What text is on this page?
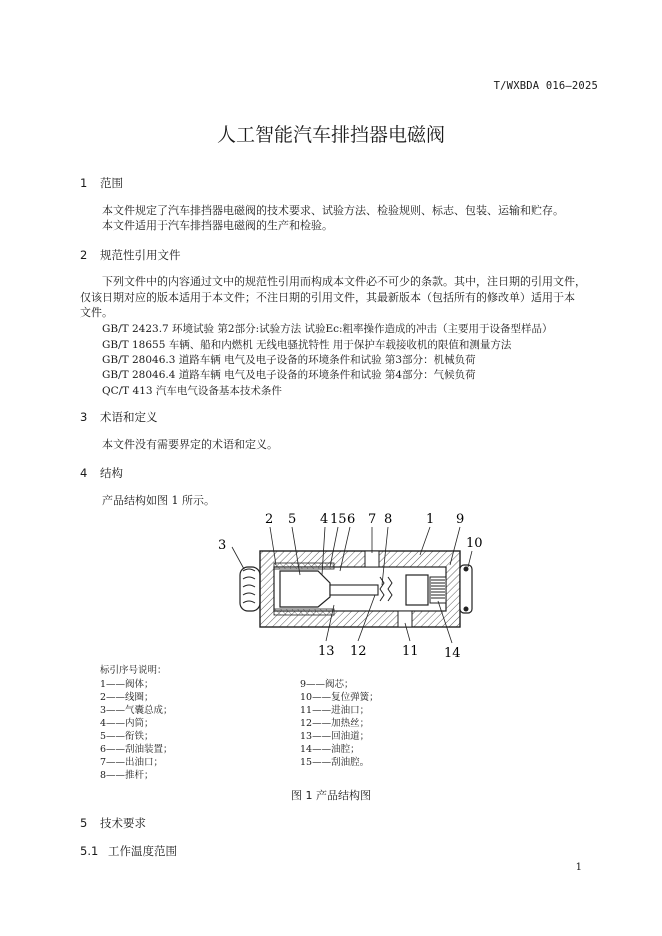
T/WXBDA 016—2025
人工智能汽车排挡器电磁阀
1 范围
本文件规定了汽车排挡器电磁阀的技术要求、试验方法、检验规则、标志、包装、运输和贮存。
本文件适用于汽车排挡器电磁阀的生产和检验。
2 规范性引用文件
下列文件中的内容通过文中的规范性引用而构成本文件必不可少的条款。其中，注日期的引用文件，
仅该日期对应的版本适用于本文件；不注日期的引用文件，其最新版本（包括所有的修改单）适用于本
文件。
GB/T 2423.7 环境试验 第2部分:试验方法 试验Ec:粗率操作造成的冲击（主要用于设备型样品）
GB/T 18655 车辆、船和内燃机 无线电骚扰特性 用于保护车载接收机的限值和测量方法
GB/T 28046.3 道路车辆 电气及电子设备的环境条件和试验 第3部分：机械负荷
GB/T 28046.4 道路车辆 电气及电子设备的环境条件和试验 第4部分：气候负荷
QC/T 413 汽车电气设备基本技术条件
3 术语和定义
本文件没有需要界定的术语和定义。
4 结构
产品结构如图 1 所示。
2 5 4 15 6 7 8	1 9
10
3
13 12	11 14
标引序号说明：
1——阀体；
2——线圈；
3——气囊总成；
4——内筒；
5——衔铁；
6——刮油装置；
7——出油口；
8——推杆；
9——阀芯；
10——复位弹簧；
11——进油口；
12——加热丝；
13——回油道；
14——油腔；
15——刮油腔。
图 1 产品结构图
5 技术要求
5.1 工作温度范围
1
